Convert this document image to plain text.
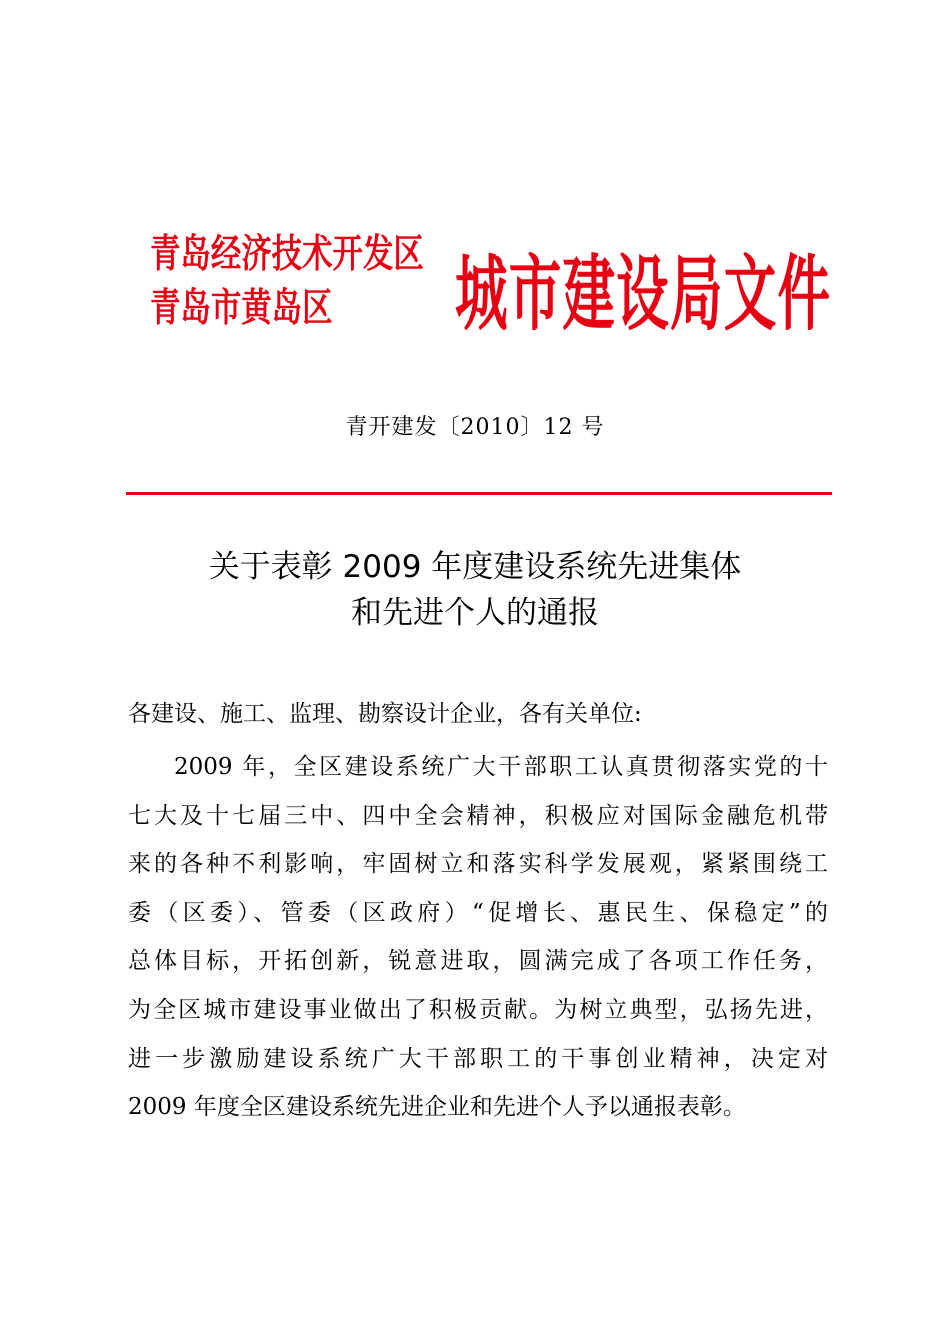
青岛经济技术开发区
青岛市黄岛区	城市建设局文件
青开建发〔2010〕12 号
关于表彰 2009 年度建设系统先进集体
和先进个人的通报
各建设、施工、监理、勘察设计企业，各有关单位:
2009 年，全区建设系统广大干部职工认真贯彻落实党的十
七大及十七届三中、四中全会精神，积极应对国际金融危机带
来的各种不利影响，牢固树立和落实科学发展观，紧紧围绕工
委（区委）、管委（区政府）“促增长、惠民生、保稳定”的
总体目标，开拓创新，锐意进取，圆满完成了各项工作任务，
为全区城市建设事业做出了积极贡献。为树立典型，弘扬先进，
进一步激励建设系统广大干部职工的干事创业精神，决定对
2009 年度全区建设系统先进企业和先进个人予以通报表彰。
